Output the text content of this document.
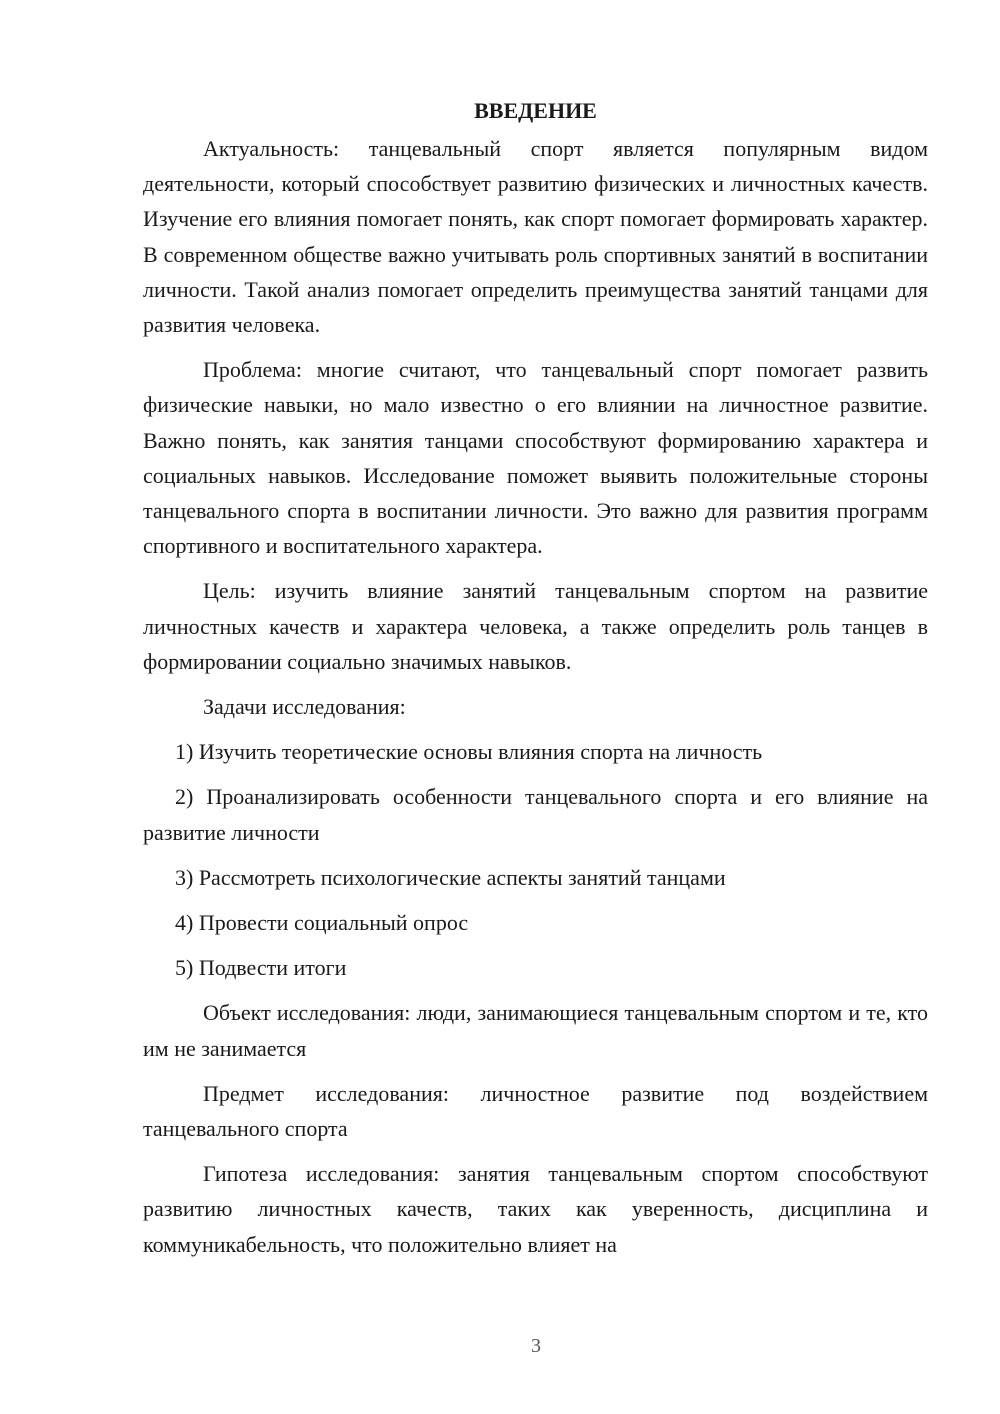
ВВЕДЕНИЕ

Актуальность: танцевальный спорт является популярным видом деятельности, который способствует развитию физических и личностных качеств. Изучение его влияния помогает понять, как спорт помогает формировать характер. В современном обществе важно учитывать роль спортивных занятий в воспитании личности. Такой анализ помогает определить преимущества занятий танцами для развития человека.

Проблема: многие считают, что танцевальный спорт помогает развить физические навыки, но мало известно о его влиянии на личностное развитие. Важно понять, как занятия танцами способствуют формированию характера и социальных навыков. Исследование поможет выявить положительные стороны танцевального спорта в воспитании личности. Это важно для развития программ спортивного и воспитательного характера.

Цель: изучить влияние занятий танцевальным спортом на развитие личностных качеств и характера человека, а также определить роль танцев в формировании социально значимых навыков.

Задачи исследования:

1) Изучить теоретические основы влияния спорта на личность

2) Проанализировать особенности танцевального спорта и его влияние на развитие личности

3) Рассмотреть психологические аспекты занятий танцами

4) Провести социальный опрос

5) Подвести итоги

Объект исследования: люди, занимающиеся танцевальным спортом и те, кто им не занимается

Предмет исследования: личностное развитие под воздействием танцевального спорта

Гипотеза исследования: занятия танцевальным спортом способствуют развитию личностных качеств, таких как уверенность, дисциплина и коммуникабельность, что положительно влияет на

3
